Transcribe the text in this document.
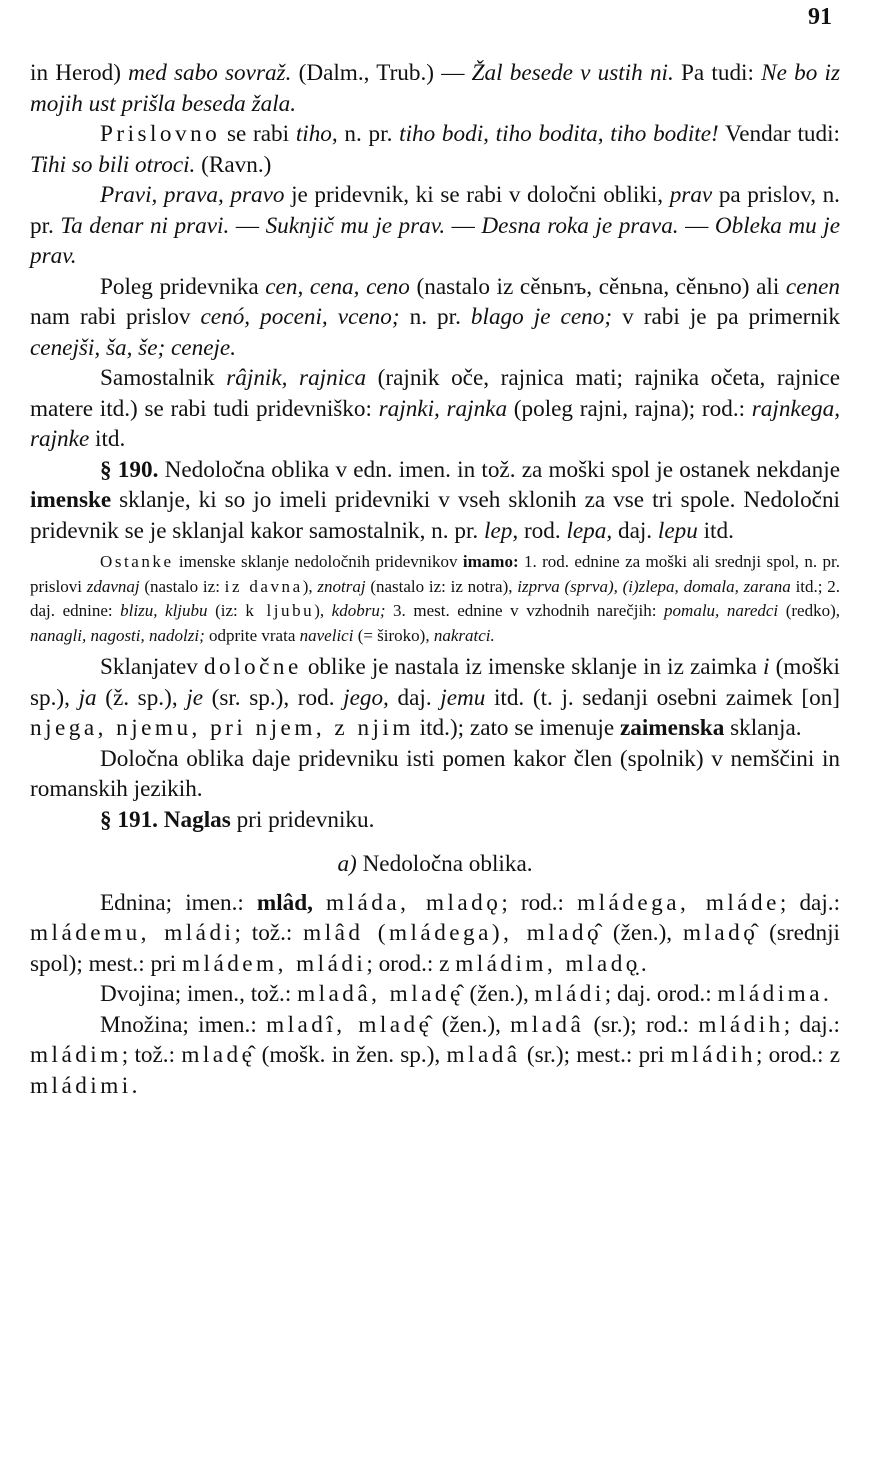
91

in Herod) med sabo sovraž. (Dalm., Trub.) — Žal besede v ustih ni. Pa tudi: Ne bo iz mojih ust prišla beseda žala.

Prislovno se rabi tiho, n. pr. tiho bodi, tiho bodita, tiho bodite! Vendar tudi: Tihi so bili otroci. (Ravn.)

Pravi, prava, pravo je pridevnik, ki se rabi v določni obliki, prav pa prislov, n. pr. Ta denar ni pravi. — Suknjič mu je prav. — Desna roka je prava. — Obleka mu je prav.

Poleg pridevnika cen, cena, ceno (nastalo iz cěnьnъ, cěnьna, cěnьno) ali cenen nam rabi prislov cenó, poceni, vceno; n. pr. blago je ceno; v rabi je pa primernik cenejši, ša, še; ceneje.

Samostalnik râjnik, rajnica (rajnik oče, rajnica mati; rajnika očeta, rajnice matere itd.) se rabi tudi pridevniško: rajnki, rajnka (poleg rajni, rajna); rod.: rajnkega, rajnke itd.

§ 190. Nedoločna oblika v edn. imen. in tož. za moški spol je ostanek nekdanje imenske sklanje, ki so jo imeli pridevniki v vseh sklonih za vse tri spole. Nedoločni pridevnik se je sklanjal kakor samostalnik, n. pr. lep, rod. lepa, daj. lepu itd.

Ostanke imenske sklanje nedoločnih pridevnikov imamo: 1. rod. ednine za moški ali srednji spol, n. pr. prislovi zdavnaj (nastalo iz: iz davna), znotraj (nastalo iz: iz notra), izprva (sprva), (i)zlepa, domala, zarana itd.; 2. daj. ednine: blizu, kljubu (iz: k ljubu), kdobru; 3. mest. ednine v vzhodnih narečjih: pomalu, naredci (redko), nanagli, nagosti, nadolzi; odprite vrata navelici (= široko), nakratci.

Sklanjatev določne oblike je nastala iz imenske sklanje in iz zaimka i (moški sp.), ja (ž. sp.), je (sr. sp.), rod. jego, daj. jemu itd. (t. j. sedanji osebni zaimek [on] njega, njemu, pri njem, z njim itd.); zato se imenuje zaimenska sklanja.

Določna oblika daje pridevniku isti pomen kakor člen (spolnik) v nemščini in romanskih jezikih.

§ 191. Naglas pri pridevniku.

a) Nedoločna oblika.

Ednina; imen.: mlâd, mláda, mladǫ; rod.: mládega, mláde; daj.: mládemu, mládi; tož.: mlâd (mládega), mladǫ̂ (žen.), mladǫ̂ (srednji spol); mest.: pri mládem, mládi; orod.: z mládim, mladǫ̣.

Dvojina; imen., tož.: mladâ, mladę̂ (žen.), mládi; daj. orod.: mládima.

Množina; imen.: mladî, mladę̂ (žen.), mladâ (sr.); rod.: mládih; daj.: mládim; tož.: mladę̂ (mošk. in žen. sp.), mladâ (sr.); mest.: pri mládih; orod.: z mládimi.
